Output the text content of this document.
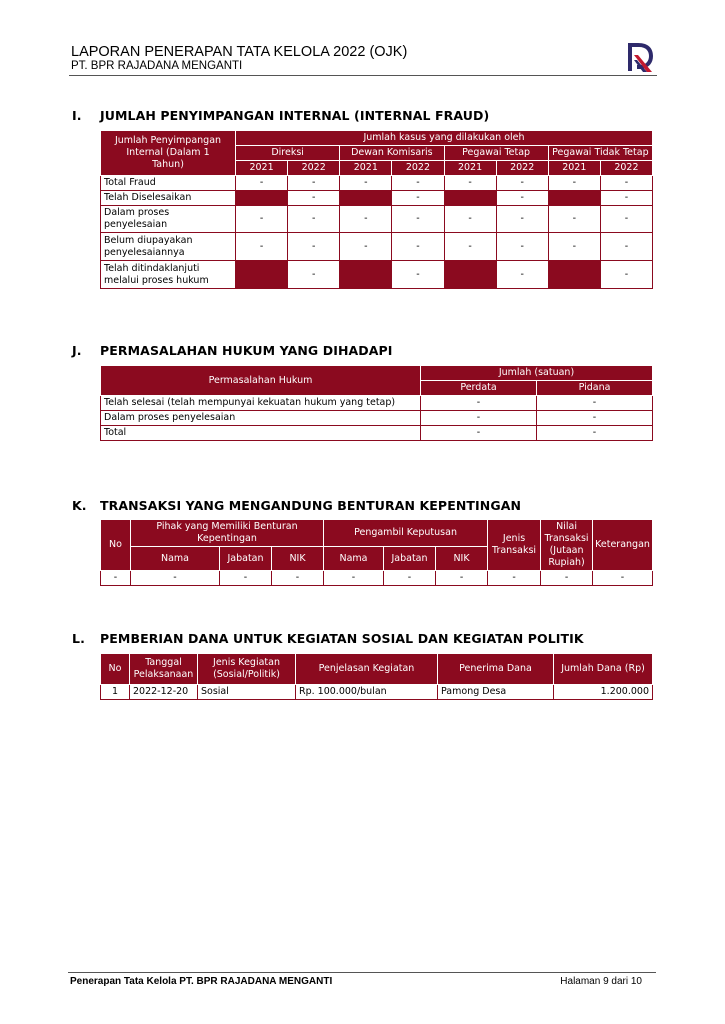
LAPORAN PENERAPAN TATA KELOLA 2022 (OJK)
PT. BPR RAJADANA MENGANTI
I. JUMLAH PENYIMPANGAN INTERNAL (INTERNAL FRAUD)
Jumlah Penyimpangan Internal (Dalam 1 Tahun)	Jumlah kasus yang dilakukan oleh							
	Direksi		Dewan Komisaris		Pegawai Tetap		Pegawai Tidak Tetap	
	2021	2022	2021	2022	2021	2022	2021	2022
Total Fraud	-	-	-	-	-	-	-	-
Telah Diselesaikan		-		-		-		-
Dalam proses penyelesaian	-	-	-	-	-	-	-	-
Belum diupayakan penyelesaiannya	-	-	-	-	-	-	-	-
Telah ditindaklanjuti melalui proses hukum		-		-		-		-
J. PERMASALAHAN HUKUM YANG DIHADAPI
Permasalahan Hukum	Jumlah (satuan)	
	Perdata	Pidana
Telah selesai (telah mempunyai kekuatan hukum yang tetap)	-	-
Dalam proses penyelesaian	-	-
Total	-	-
K. TRANSAKSI YANG MENGANDUNG BENTURAN KEPENTINGAN
No	Pihak yang Memiliki Benturan Kepentingan			Pengambil Keputusan			Jenis Transaksi	Nilai Transaksi (Jutaan Rupiah)	Keterangan
	Nama	Jabatan	NIK	Nama	Jabatan	NIK			
-	-	-	-	-	-	-	-	-	-
L. PEMBERIAN DANA UNTUK KEGIATAN SOSIAL DAN KEGIATAN POLITIK
No	Tanggal Pelaksanaan	Jenis Kegiatan (Sosial/Politik)	Penjelasan Kegiatan	Penerima Dana	Jumlah Dana (Rp)
1	2022-12-20	Sosial	Rp. 100.000/bulan	Pamong Desa	1.200.000
Penerapan Tata Kelola PT. BPR RAJADANA MENGANTI	Halaman 9 dari 10
